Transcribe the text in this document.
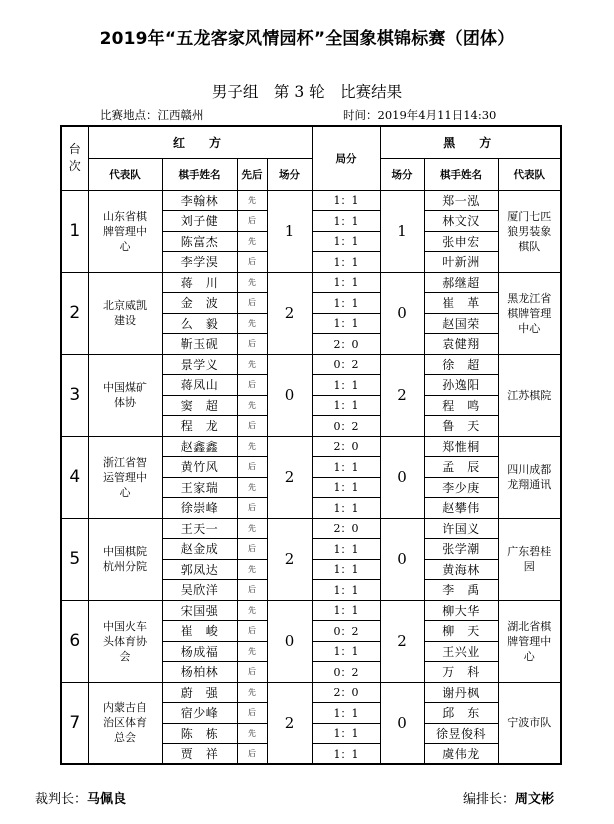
2019年“五龙客家风情园杯”全国象棋锦标赛（团体）
男子组　第 3 轮　比赛结果
比赛地点：江西赣州	时间：2019年4月11日14:30
台
次	红　方				局分	黑　方		
	代表队	棋手姓名	先后	场分		场分	棋手姓名	代表队
1	山东省棋
牌管理中
心	李翰林	先	1	1：1	1	郑一泓	厦门七匹
狼男装象
棋队
		刘子健	后		1：1		林文汉	
		陈富杰	先		1：1		张申宏	
		李学淏	后		1：1		叶新洲	
2	北京威凯
建设	蒋　川	先	2	1：1	0	郝继超	黑龙江省
棋牌管理
中心
		金　波	后		1：1		崔　革	
		么　毅	先		1：1		赵国荣	
		靳玉砚	后		2：0		袁健翔	
3	中国煤矿
体协	景学义	先	0	0：2	2	徐　超	江苏棋院
		蒋凤山	后		1：1		孙逸阳	
		窦　超	先		1：1		程　鸣	
		程　龙	后		0：2		鲁　天	
4	浙江省智
运管理中
心	赵鑫鑫	先	2	2：0	0	郑惟桐	四川成都
龙翔通讯
		黄竹风	后		1：1		孟　辰	
		王家瑞	先		1：1		李少庚	
		徐崇峰	后		1：1		赵攀伟	
5	中国棋院
杭州分院	王天一	先	2	2：0	0	许国义	广东碧桂
园
		赵金成	后		1：1		张学潮	
		郭凤达	先		1：1		黄海林	
		吴欣洋	后		1：1		李　禹	
6	中国火车
头体育协
会	宋国强	先	0	1：1	2	柳大华	湖北省棋
牌管理中
心
		崔　峻	后		0：2		柳　天	
		杨成福	先		1：1		王兴业	
		杨柏林	后		0：2		万　科	
7	内蒙古自
治区体育
总会	蔚　强	先	2	2：0	0	谢丹枫	宁波市队
		宿少峰	后		1：1		邱　东	
		陈　栋	先		1：1		徐昱俊科	
		贾　祥	后		1：1		虞伟龙	
裁判长：马佩良	编排长：周文彬
